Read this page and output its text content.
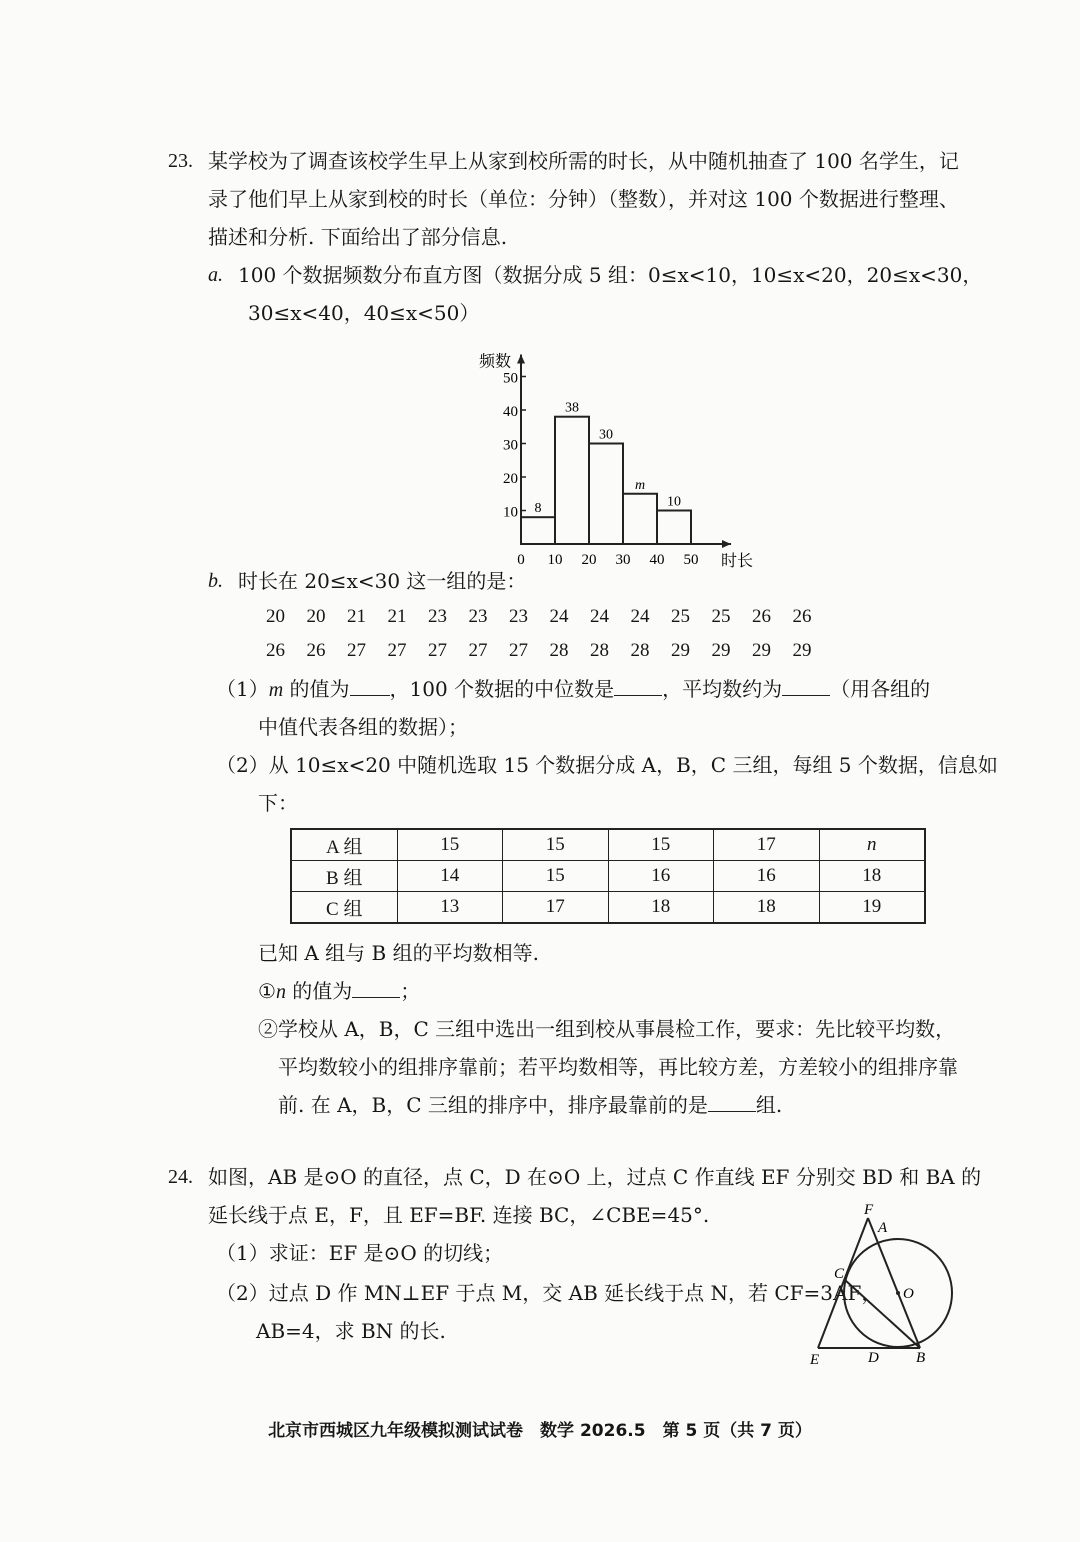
23. 某学校为了调查该校学生早上从家到校所需的时长，从中随机抽查了 100 名学生，记
录了他们早上从家到校的时长（单位：分钟）（整数），并对这 100 个数据进行整理、
描述和分析. 下面给出了部分信息.
a. 100 个数据频数分布直方图（数据分成 5 组：0≤x<10，10≤x<20，20≤x<30，
30≤x<40，40≤x<50）
频数
时长
10
20
30
40
50
0 10 20 30 40 50
8
38
30
m
10
b. 时长在 20≤x<30 这一组的是：
20 20 21 21 23 23 23 24 24 24 25 25 26 26
26 26 27 27 27 27 27 28 28 28 29 29 29 29
（1）m 的值为 ，100 个数据的中位数是 ，平均数约为 （用各组的
中值代表各组的数据）；
（2）从 10≤x<20 中随机选取 15 个数据分成 A，B，C 三组，每组 5 个数据，信息如
下：
A 组	15	15	15	17	n
B 组	14	15	16	16	18
C 组	13	17	18	18	19
已知 A 组与 B 组的平均数相等.
①n 的值为 ；
②学校从 A，B，C 三组中选出一组到校从事晨检工作，要求：先比较平均数，
平均数较小的组排序靠前；若平均数相等，再比较方差，方差较小的组排序靠
前. 在 A，B，C 三组的排序中，排序最靠前的是 组.
24. 如图，AB 是⊙O 的直径，点 C，D 在⊙O 上，过点 C 作直线 EF 分别交 BD 和 BA 的
延长线于点 E，F，且 EF=BF. 连接 BC，∠CBE=45°.
（1）求证：EF 是⊙O 的切线；
（2）过点 D 作 MN⊥EF 于点 M，交 AB 延长线于点 N，若 CF=3AF，
AB=4，求 BN 的长.
F
A
C
O
E	D B
北京市西城区九年级模拟测试试卷　数学 2026.5　第 5 页（共 7 页）
